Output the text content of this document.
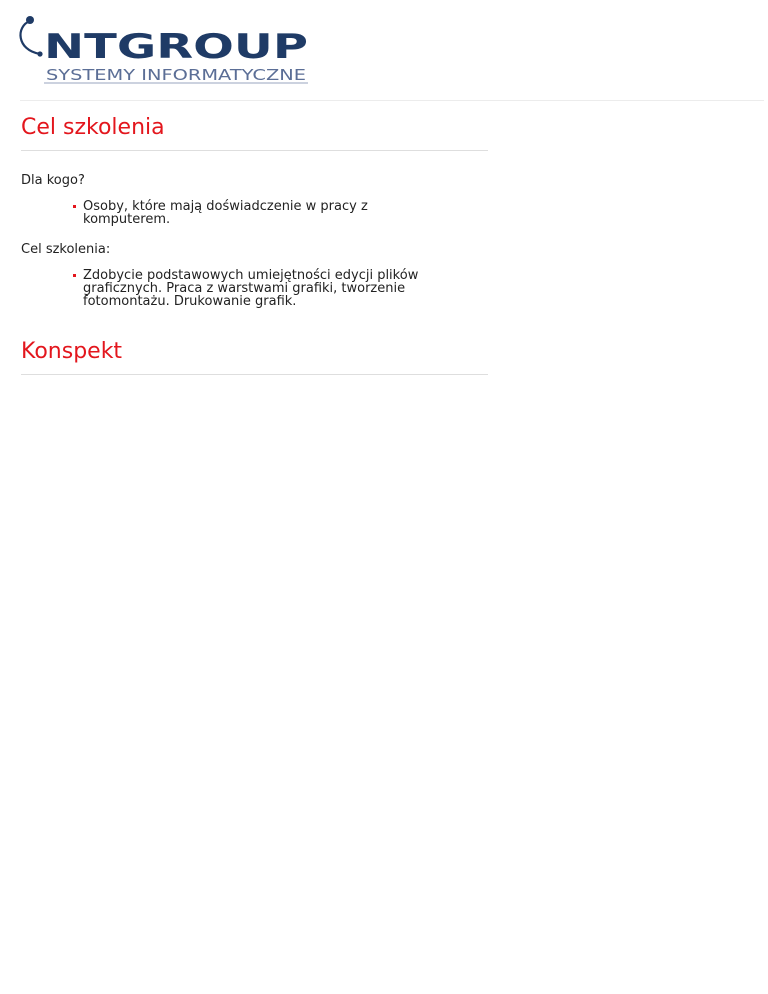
NTGROUP
SYSTEMY INFORMATYCZNE
Cel szkolenia

Dla kogo?

Osoby, które mają doświadczenie w pracy z komputerem.

Cel szkolenia:

Zdobycie podstawowych umiejętności edycji plików graficznych. Praca z warstwami grafiki, tworzenie fotomontażu. Drukowanie grafik.
Konspekt
